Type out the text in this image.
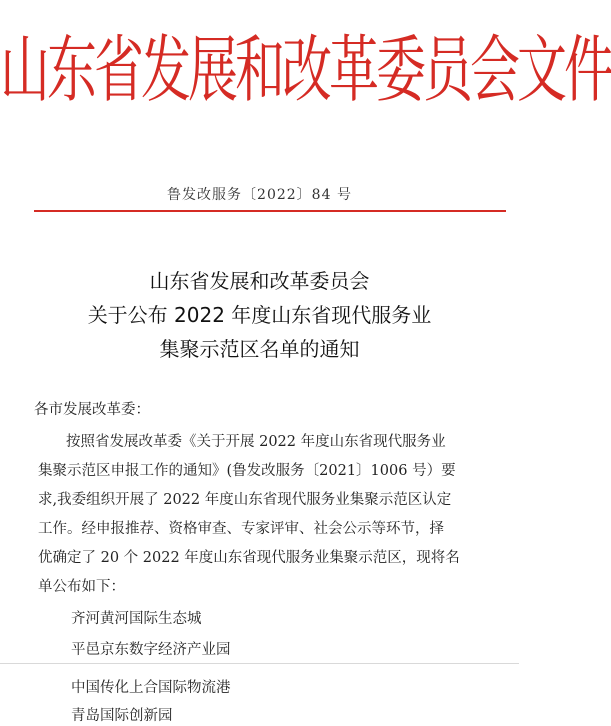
山东省发展和改革委员会文件
鲁发改服务〔2022〕84 号
山东省发展和改革委员会
关于公布 2022 年度山东省现代服务业
集聚示范区名单的通知
各市发展改革委：
按照省发展改革委《关于开展 2022 年度山东省现代服务业
集聚示范区申报工作的通知》(鲁发改服务〔2021〕1006 号）要
求,我委组织开展了 2022 年度山东省现代服务业集聚示范区认定
工作。经申报推荐、资格审查、专家评审、社会公示等环节，择
优确定了 20 个 2022 年度山东省现代服务业集聚示范区，现将名
单公布如下：
齐河黄河国际生态城
平邑京东数字经济产业园
中国传化上合国际物流港
青岛国际创新园
